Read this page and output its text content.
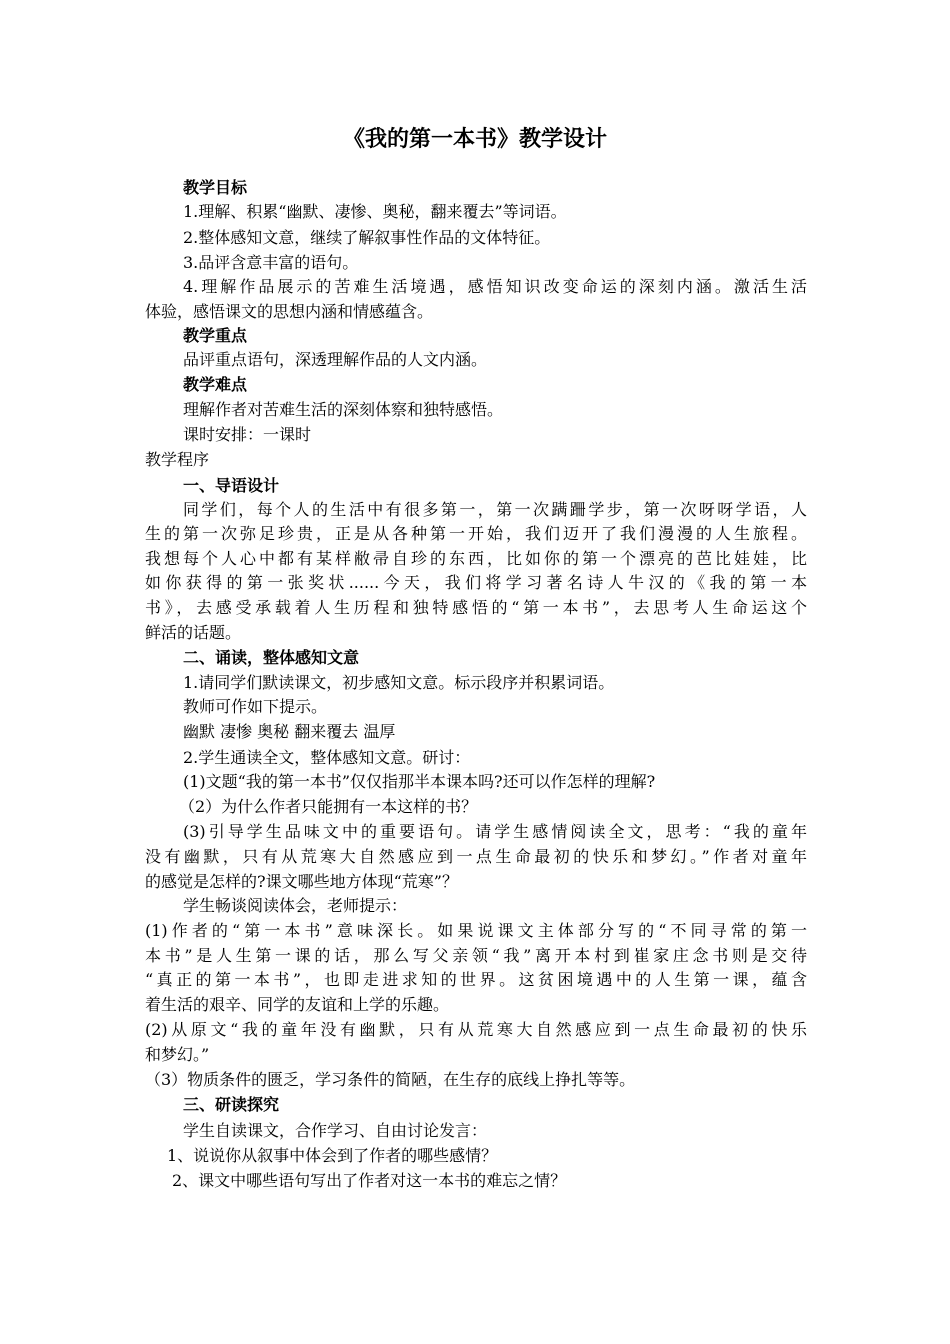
《我的第一本书》教学设计
教学目标
1.理解、积累“幽默、凄惨、奥秘，翻来覆去”等词语。
2.整体感知文意，继续了解叙事性作品的文体特征。
3.品评含意丰富的语句。
4.理解作品展示的苦难生活境遇，感悟知识改变命运的深刻内涵。激活生活
体验，感悟课文的思想内涵和情感蕴含。
教学重点
品评重点语句，深透理解作品的人文内涵。
教学难点
理解作者对苦难生活的深刻体察和独特感悟。
课时安排：一课时
教学程序
一、导语设计
同学们，每个人的生活中有很多第一，第一次蹒跚学步，第一次呀呀学语，人
生的第一次弥足珍贵，正是从各种第一开始，我们迈开了我们漫漫的人生旅程。
我想每个人心中都有某样敝帚自珍的东西，比如你的第一个漂亮的芭比娃娃，比
如你获得的第一张奖状......今天，我们将学习著名诗人牛汉的《我的第一本
书》，去感受承载着人生历程和独特感悟的“第一本书”，去思考人生命运这个
鲜活的话题。
二、诵读，整体感知文意
1.请同学们默读课文，初步感知文意。标示段序并积累词语。
教师可作如下提示。
幽默 凄惨 奥秘 翻来覆去 温厚
2.学生通读全文，整体感知文意。研讨：
(1)文题“我的第一本书”仅仅指那半本课本吗?还可以作怎样的理解?
（2）为什么作者只能拥有一本这样的书？
(3)引导学生品味文中的重要语句。请学生感情阅读全文，思考：“我的童年
没有幽默，只有从荒寒大自然感应到一点生命最初的快乐和梦幻。”作者对童年
的感觉是怎样的?课文哪些地方体现“荒寒”？
学生畅谈阅读体会，老师提示：
(1)作者的“第一本书”意味深长。如果说课文主体部分写的“不同寻常的第一
本书”是人生第一课的话，那么写父亲领“我”离开本村到崔家庄念书则是交待
“真正的第一本书”，也即走进求知的世界。这贫困境遇中的人生第一课，蕴含
着生活的艰辛、同学的友谊和上学的乐趣。
(2)从原文“我的童年没有幽默，只有从荒寒大自然感应到一点生命最初的快乐
和梦幻。”
（3）物质条件的匮乏，学习条件的简陋，在生存的底线上挣扎等等。
三、研读探究
学生自读课文，合作学习、自由讨论发言：
1、说说你从叙事中体会到了作者的哪些感情？
2、课文中哪些语句写出了作者对这一本书的难忘之情？
